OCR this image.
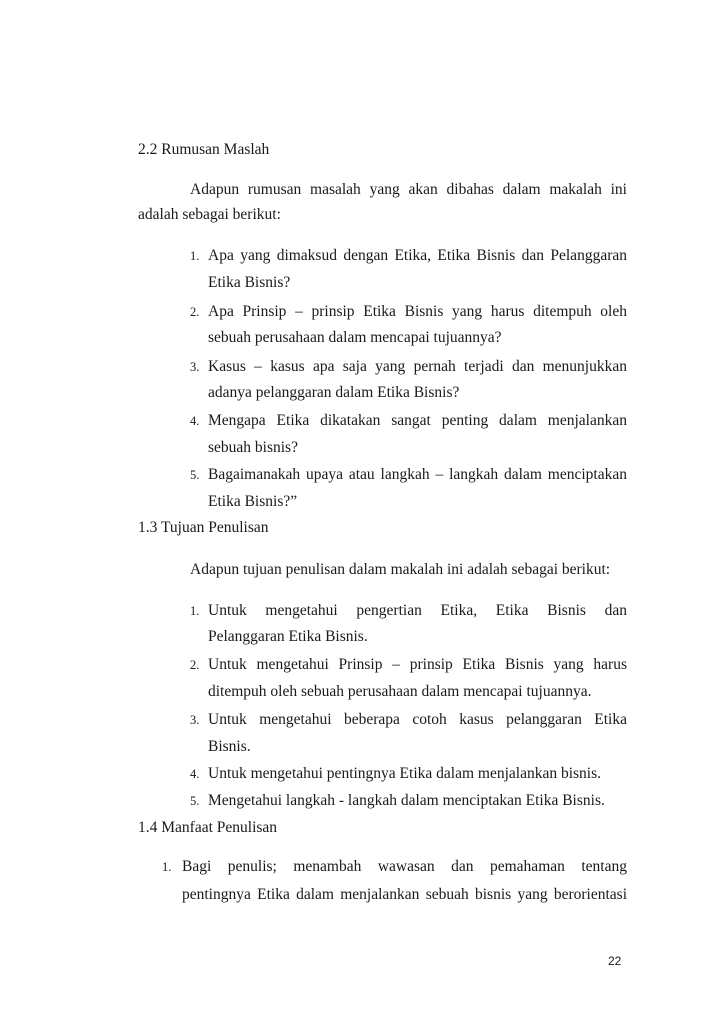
2.2 Rumusan Maslah
Adapun rumusan masalah yang akan dibahas dalam makalah ini
adalah sebagai berikut:
1. Apa yang dimaksud dengan Etika, Etika Bisnis dan Pelanggaran
Etika Bisnis?
2. Apa Prinsip – prinsip Etika Bisnis yang harus ditempuh oleh
sebuah perusahaan dalam mencapai tujuannya?
3. Kasus – kasus apa saja yang pernah terjadi dan menunjukkan
adanya pelanggaran dalam Etika Bisnis?
4. Mengapa Etika dikatakan sangat penting dalam menjalankan
sebuah bisnis?
5. Bagaimanakah upaya atau langkah – langkah dalam menciptakan
Etika Bisnis?”
1.3 Tujuan Penulisan
Adapun tujuan penulisan dalam makalah ini adalah sebagai berikut:
1. Untuk mengetahui pengertian Etika, Etika Bisnis dan
Pelanggaran Etika Bisnis.
2. Untuk mengetahui Prinsip – prinsip Etika Bisnis yang harus
ditempuh oleh sebuah perusahaan dalam mencapai tujuannya.
3. Untuk mengetahui beberapa cotoh kasus pelanggaran Etika
Bisnis.
4. Untuk mengetahui pentingnya Etika dalam menjalankan bisnis.
5. Mengetahui langkah - langkah dalam menciptakan Etika Bisnis.
1.4 Manfaat Penulisan
1. Bagi penulis; menambah wawasan dan pemahaman tentang
pentingnya Etika dalam menjalankan sebuah bisnis yang berorientasi
22
